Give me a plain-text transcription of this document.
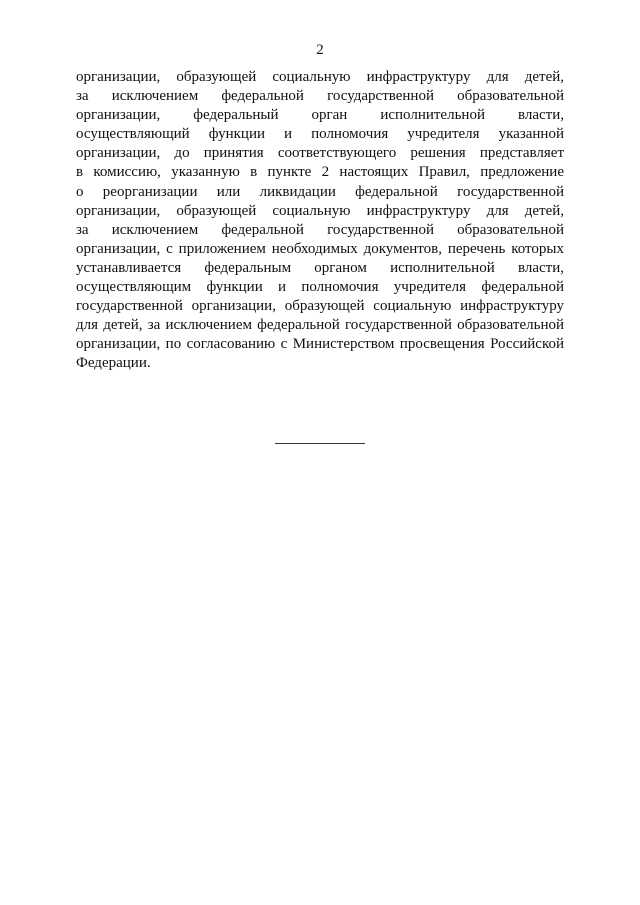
2
организации, образующей социальную инфраструктуру для детей,
за исключением федеральной государственной образовательной
организации, федеральный орган исполнительной власти,
осуществляющий функции и полномочия учредителя указанной
организации, до принятия соответствующего решения представляет
в комиссию, указанную в пункте 2 настоящих Правил, предложение
о реорганизации или ликвидации федеральной государственной
организации, образующей социальную инфраструктуру для детей,
за исключением федеральной государственной образовательной
организации, с приложением необходимых документов, перечень которых
устанавливается федеральным органом исполнительной власти,
осуществляющим функции и полномочия учредителя федеральной
государственной организации, образующей социальную инфраструктуру
для детей, за исключением федеральной государственной образовательной
организации, по согласованию с Министерством просвещения Российской
Федерации.
